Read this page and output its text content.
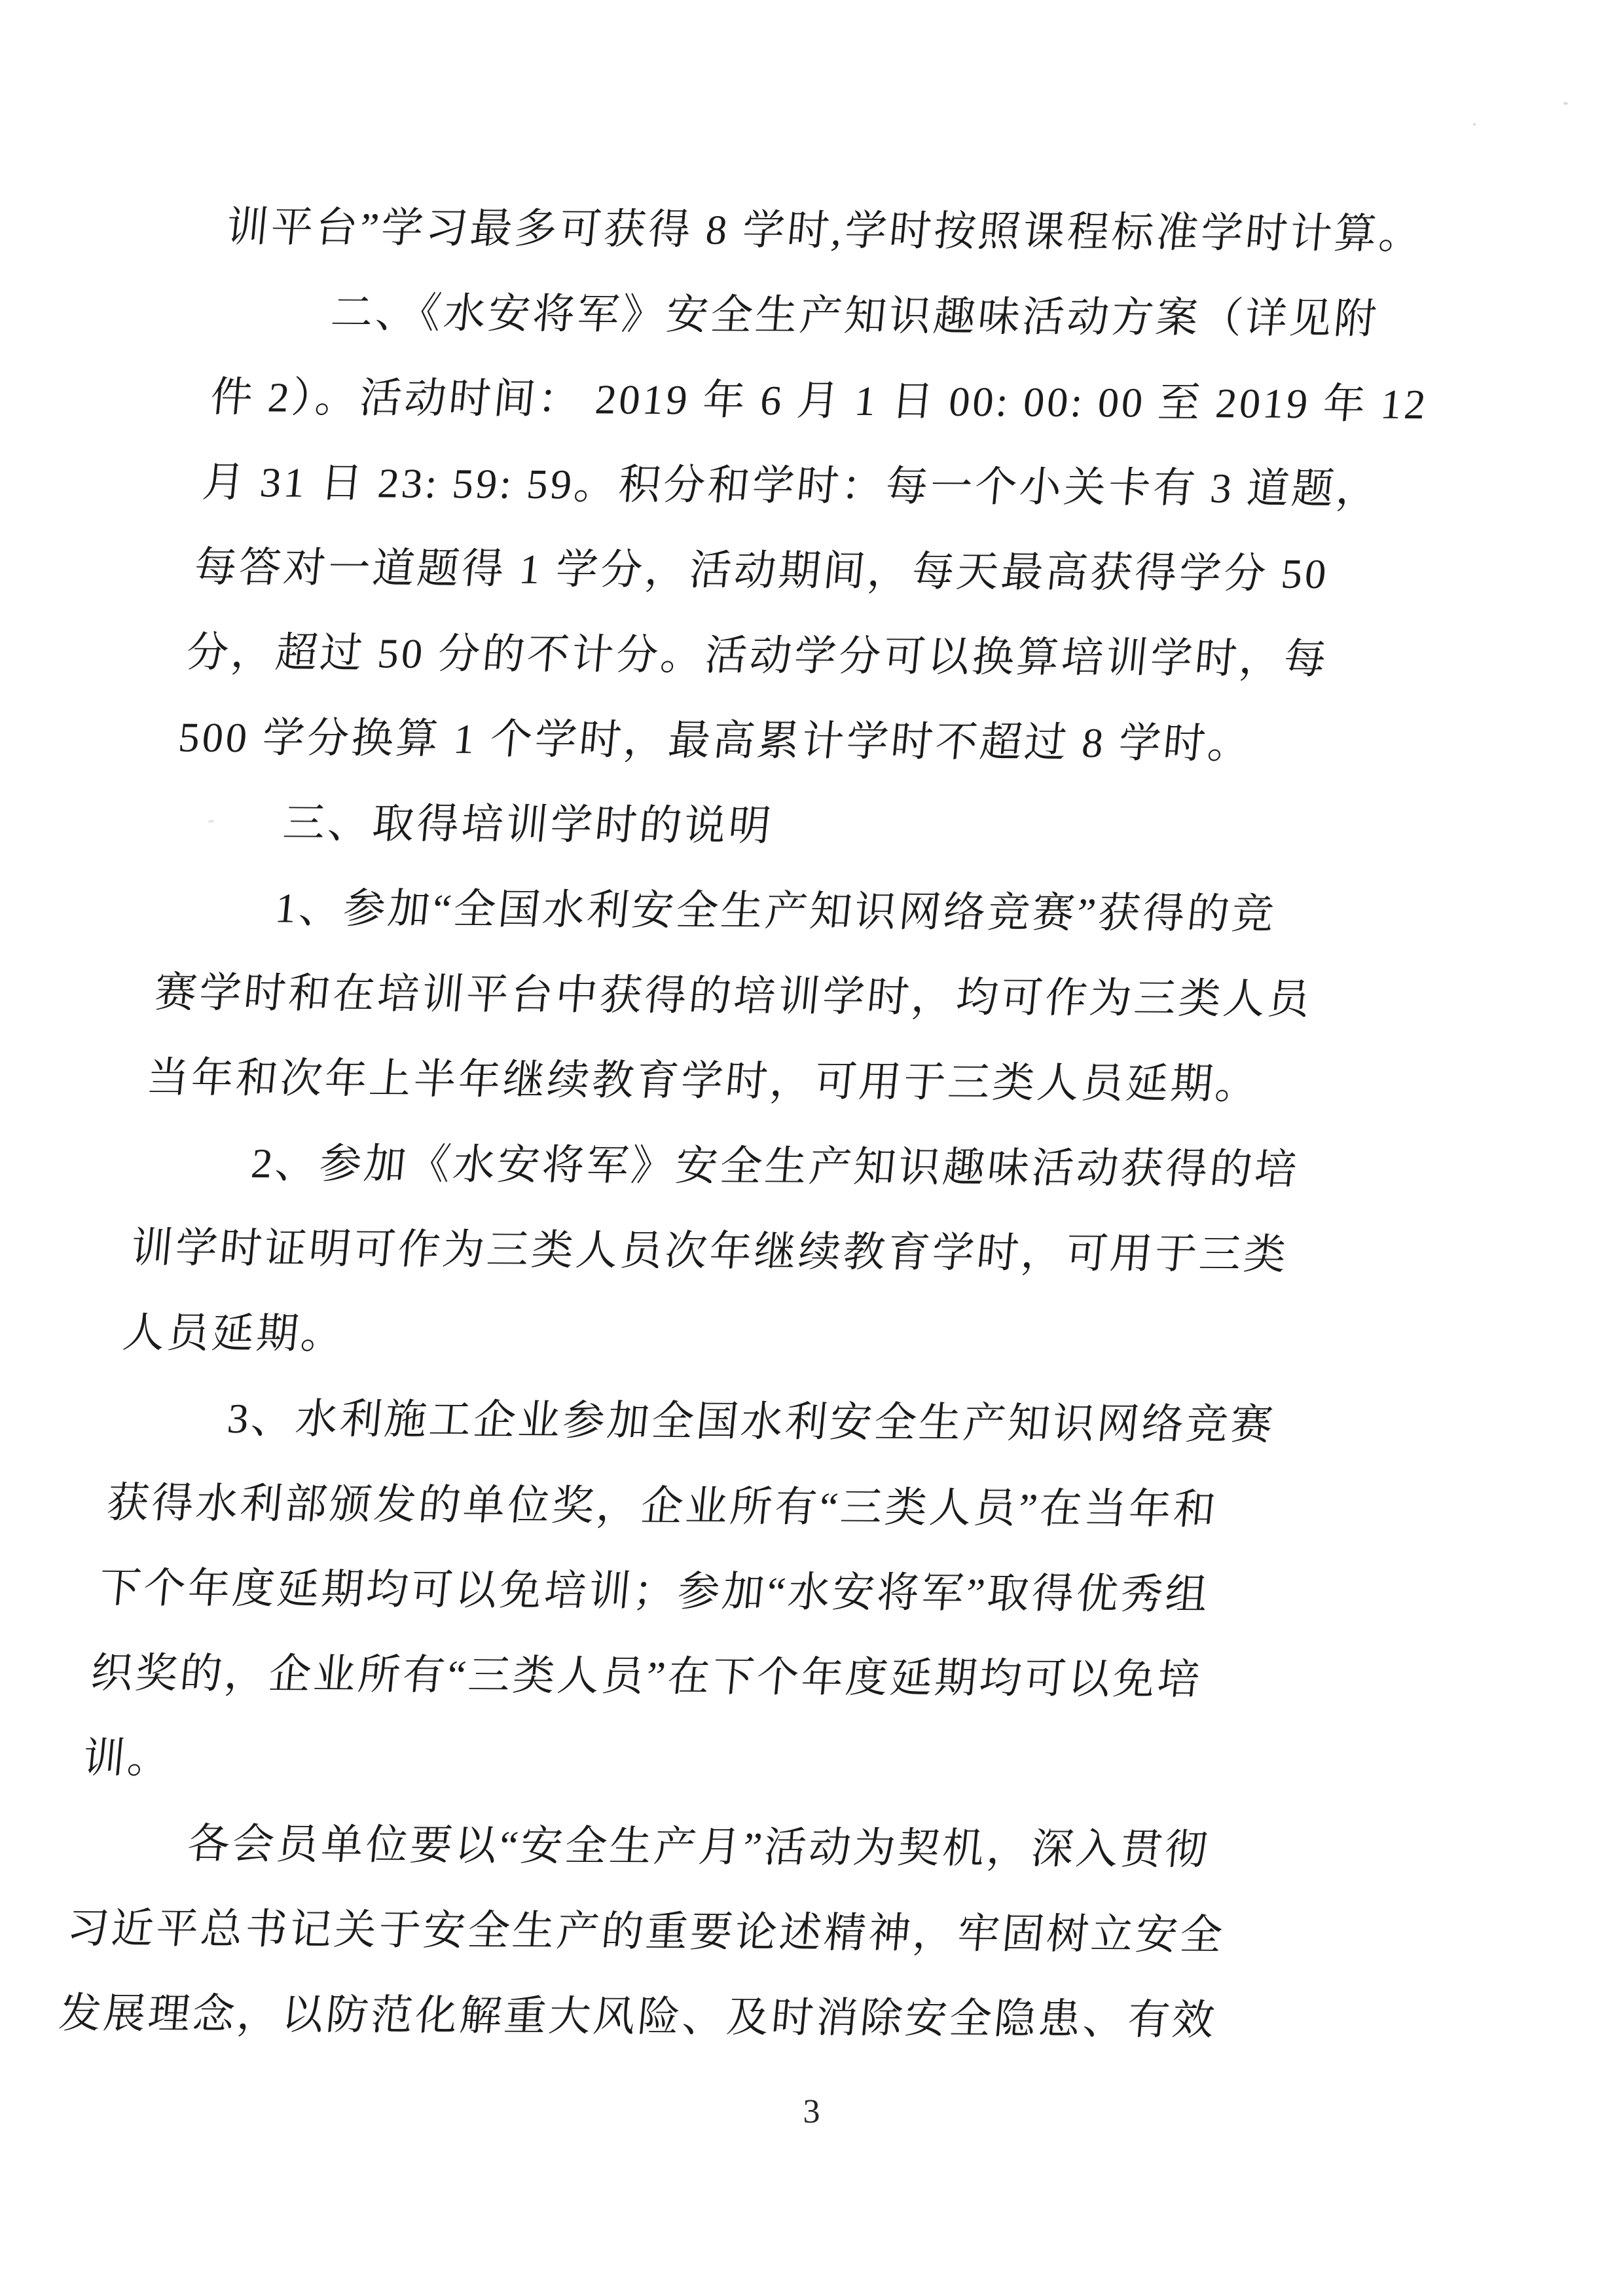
训平台”学习最多可获得 8 学时,学时按照课程标准学时计算。
二、《水安将军》安全生产知识趣味活动方案（详见附
件 2）。活动时间： 2019 年 6 月 1 日 00: 00: 00 至 2019 年 12
月 31 日 23: 59: 59。积分和学时：每一个小关卡有 3 道题，
每答对一道题得 1 学分，活动期间，每天最高获得学分 50
分，超过 50 分的不计分。活动学分可以换算培训学时，每
500 学分换算 1 个学时，最高累计学时不超过 8 学时。
三、取得培训学时的说明
1、参加“全国水利安全生产知识网络竞赛”获得的竞
赛学时和在培训平台中获得的培训学时，均可作为三类人员
当年和次年上半年继续教育学时，可用于三类人员延期。
2、参加《水安将军》安全生产知识趣味活动获得的培
训学时证明可作为三类人员次年继续教育学时，可用于三类
人员延期。
3、水利施工企业参加全国水利安全生产知识网络竞赛
获得水利部颁发的单位奖，企业所有“三类人员”在当年和
下个年度延期均可以免培训；参加“水安将军”取得优秀组
织奖的，企业所有“三类人员”在下个年度延期均可以免培
训。
各会员单位要以“安全生产月”活动为契机，深入贯彻
习近平总书记关于安全生产的重要论述精神，牢固树立安全
发展理念，以防范化解重大风险、及时消除安全隐患、有效
3
